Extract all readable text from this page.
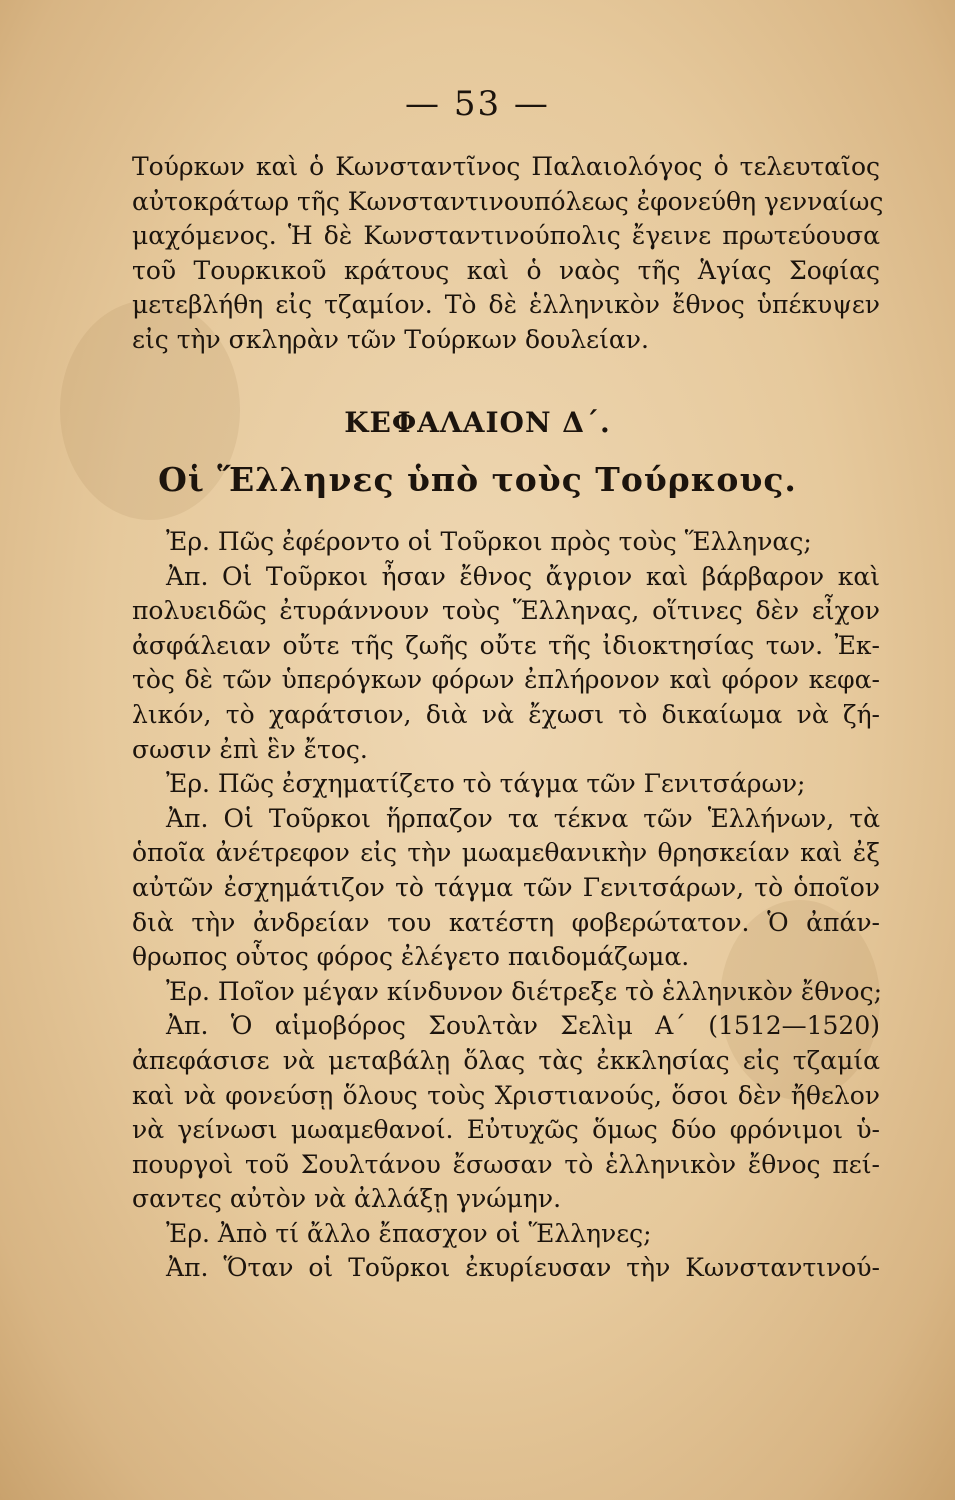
— 53 —
Τούρκων καὶ ὁ Κωνσταντῖνος Παλαιολόγος ὁ τελευταῖος
αὐτοκράτωρ τῆς Κωνσταντινουπόλεως ἐφονεύθη γενναίως
μαχόμενος. Ἡ δὲ Κωνσταντινούπολις ἔγεινε πρωτεύουσα
τοῦ Τουρκικοῦ κράτους καὶ ὁ ναὸς τῆς Ἁγίας Σοφίας
μετεβλήθη εἰς τζαμίον. Τὸ δὲ ἑλληνικὸν ἔθνος ὑπέκυψεν
εἰς τὴν σκληρὰν τῶν Τούρκων δουλείαν.
ΚΕΦΑΛΑΙΟΝ Δ΄.
Οἱ Ἕλληνες ὑπὸ τοὺς Τούρκους.
Ἐρ. Πῶς ἐφέροντο οἱ Τοῦρκοι πρὸς τοὺς Ἕλληνας;
Ἀπ. Οἱ Τοῦρκοι ἦσαν ἔθνος ἄγριον καὶ βάρβαρον καὶ
πολυειδῶς ἐτυράννουν τοὺς Ἕλληνας, οἵτινες δὲν εἶχον
ἀσφάλειαν οὔτε τῆς ζωῆς οὔτε τῆς ἰδιοκτησίας των. Ἐκ-
τὸς δὲ τῶν ὑπερόγκων φόρων ἐπλήρονον καὶ φόρον κεφα-
λικόν, τὸ χαράτσιον, διὰ νὰ ἔχωσι τὸ δικαίωμα νὰ ζή-
σωσιν ἐπὶ ἓν ἔτος.
Ἐρ. Πῶς ἐσχηματίζετο τὸ τάγμα τῶν Γενιτσάρων;
Ἀπ. Οἱ Τοῦρκοι ἥρπαζον τα τέκνα τῶν Ἑλλήνων, τὰ
ὁποῖα ἀνέτρεφον εἰς τὴν μωαμεθανικὴν θρησκείαν καὶ ἐξ
αὐτῶν ἐσχημάτιζον τὸ τάγμα τῶν Γενιτσάρων, τὸ ὁποῖον
διὰ τὴν ἀνδρείαν του κατέστη φοβερώτατον. Ὁ ἀπάν-
θρωπος οὗτος φόρος ἐλέγετο παιδομάζωμα.
Ἐρ. Ποῖον μέγαν κίνδυνον διέτρεξε τὸ ἑλληνικὸν ἔθνος;
Ἀπ. Ὁ αἱμοβόρος Σουλτὰν Σελὶμ Α΄ (1512—1520)
ἀπεφάσισε νὰ μεταβάλῃ ὅλας τὰς ἐκκλησίας εἰς τζαμία
καὶ νὰ φονεύσῃ ὅλους τοὺς Χριστιανούς, ὅσοι δὲν ἤθελον
νὰ γείνωσι μωαμεθανοί. Εὐτυχῶς ὅμως δύο φρόνιμοι ὑ-
πουργοὶ τοῦ Σουλτάνου ἔσωσαν τὸ ἑλληνικὸν ἔθνος πεί-
σαντες αὐτὸν νὰ ἀλλάξῃ γνώμην.
Ἐρ. Ἀπὸ τί ἄλλο ἔπασχον οἱ Ἕλληνες;
Ἀπ. Ὅταν οἱ Τοῦρκοι ἐκυρίευσαν τὴν Κωνσταντινού-
